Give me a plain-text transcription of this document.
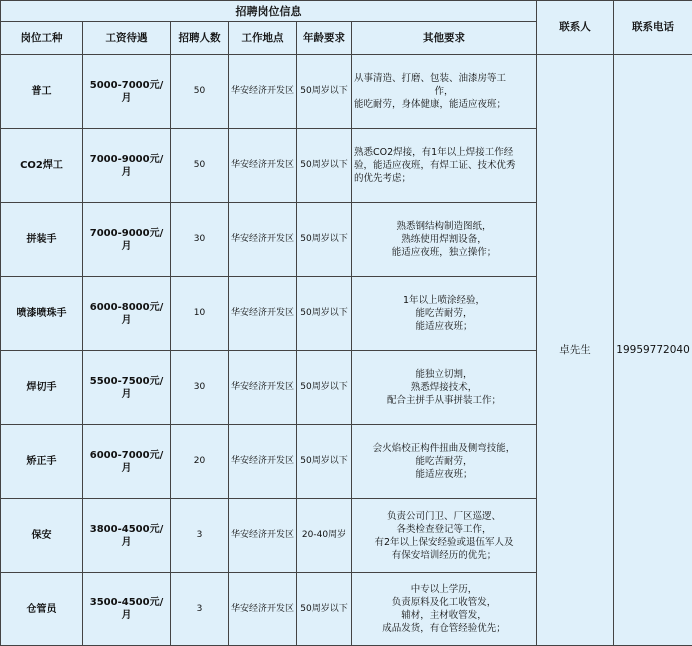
招聘岗位信息						联系人	联系电话
岗位工种	工资待遇	招聘人数	工作地点	年龄要求	其他要求		
普工	5000-7000元/月	50	华安经济开发区	50周岁以下	从事清造、打磨、包装、油漆房等工
作，
能吃耐劳，身体健康，能适应夜班；	卓先生	19959772040
CO2焊工	7000-9000元/月	50	华安经济开发区	50周岁以下	熟悉CO2焊接，有1年以上焊接工作经
验，能适应夜班，有焊工证、技术优秀
的优先考虑；		

拼装手	7000-9000元/月	30	华安经济开发区	50周岁以下	熟悉钢结构制造图纸，
熟练使用焊割设备，
能适应夜班，独立操作；		

喷漆喷珠手	6000-8000元/月	10	华安经济开发区	50周岁以下	1年以上喷涂经验，
能吃苦耐劳，
能适应夜班；		

焊切手	5500-7500元/月	30	华安经济开发区	50周岁以下	能独立切割，
熟悉焊接技术，
配合主拼手从事拼装工作；		

矫正手	6000-7000元/月	20	华安经济开发区	50周岁以下	会火焰校正构件扭曲及侧弯技能，
能吃苦耐劳，
能适应夜班；		

保安	3800-4500元/月	3	华安经济开发区	20-40周岁	负责公司门卫、厂区巡逻、
各类检查登记等工作，
有2年以上保安经验或退伍军人及
有保安培训经历的优先；		

仓管员	3500-4500元/月	3	华安经济开发区	50周岁以下	中专以上学历，
负责原料及化工收管发，
辅材，主材收管发，
成品发货，有仓管经验优先；		
